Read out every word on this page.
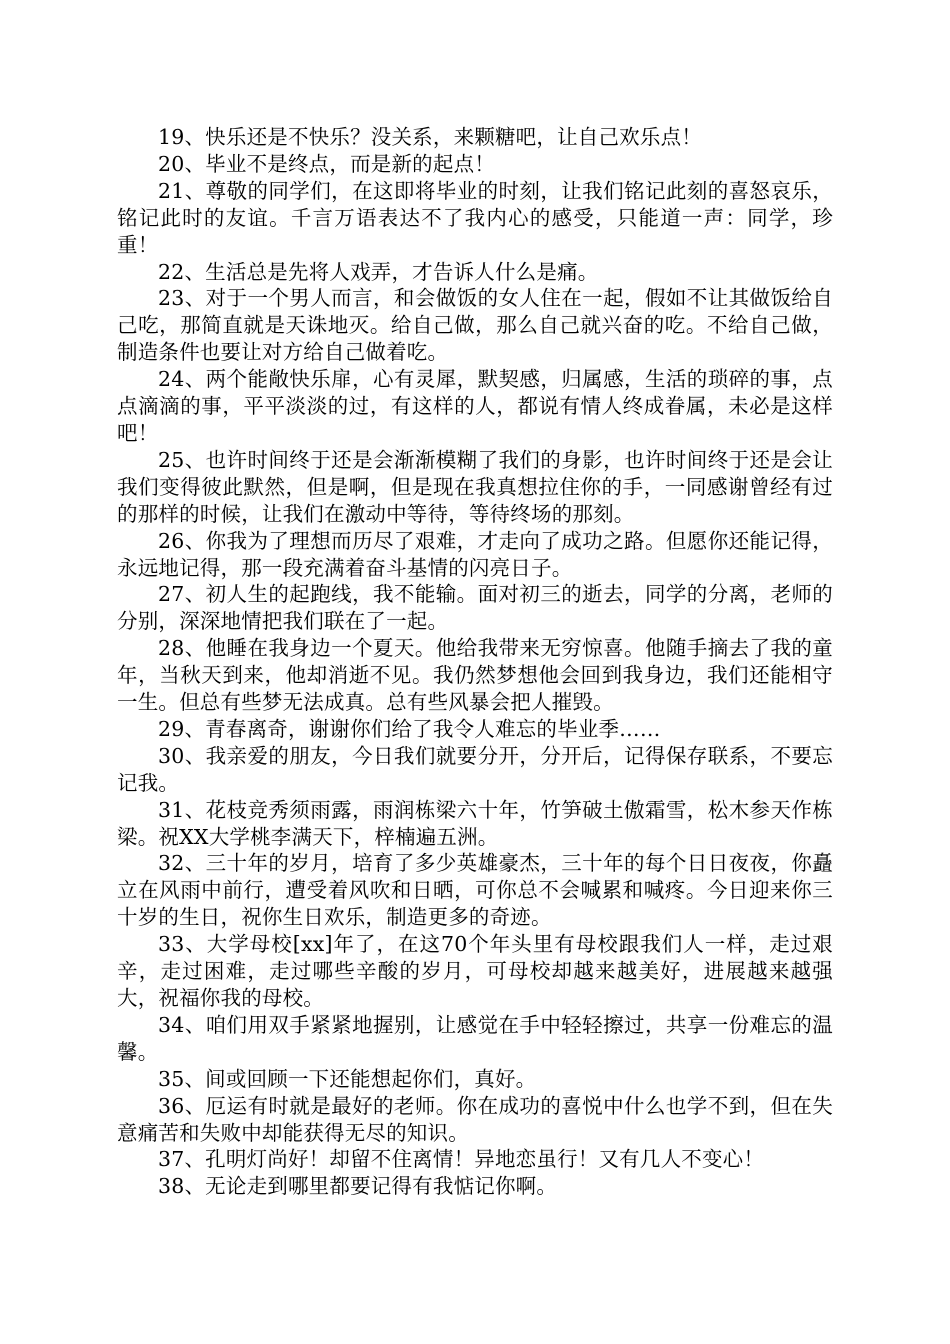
19、快乐还是不快乐？没关系，来颗糖吧，让自己欢乐点！

20、毕业不是终点，而是新的起点！

21、尊敬的同学们，在这即将毕业的时刻，让我们铭记此刻的喜怒哀乐，铭记此时的友谊。千言万语表达不了我内心的感受，只能道一声：同学，珍重！

22、生活总是先将人戏弄，才告诉人什么是痛。

23、对于一个男人而言，和会做饭的女人住在一起，假如不让其做饭给自己吃，那简直就是天诛地灭。给自己做，那么自己就兴奋的吃。不给自己做，制造条件也要让对方给自己做着吃。

24、两个能敞快乐扉，心有灵犀，默契感，归属感，生活的琐碎的事，点点滴滴的事，平平淡淡的过，有这样的人，都说有情人终成眷属，未必是这样吧！

25、也许时间终于还是会渐渐模糊了我们的身影，也许时间终于还是会让我们变得彼此默然，但是啊，但是现在我真想拉住你的手，一同感谢曾经有过的那样的时候，让我们在激动中等待，等待终场的那刻。

26、你我为了理想而历尽了艰难，才走向了成功之路。但愿你还能记得，永远地记得，那一段充满着奋斗基情的闪亮日子。

27、初人生的起跑线，我不能输。面对初三的逝去，同学的分离，老师的分别，深深地情把我们联在了一起。

28、他睡在我身边一个夏天。他给我带来无穷惊喜。他随手摘去了我的童年，当秋天到来，他却消逝不见。我仍然梦想他会回到我身边，我们还能相守一生。但总有些梦无法成真。总有些风暴会把人摧毁。

29、青春离奇，谢谢你们给了我令人难忘的毕业季……

30、我亲爱的朋友，今日我们就要分开，分开后，记得保存联系，不要忘记我。

31、花枝竞秀须雨露，雨润栋梁六十年，竹笋破土傲霜雪，松木参天作栋梁。祝XX大学桃李满天下，梓楠遍五洲。

32、三十年的岁月，培育了多少英雄豪杰，三十年的每个日日夜夜，你矗立在风雨中前行，遭受着风吹和日晒，可你总不会喊累和喊疼。今日迎来你三十岁的生日，祝你生日欢乐，制造更多的奇迹。

33、大学母校[xx]年了，在这70个年头里有母校跟我们人一样，走过艰辛，走过困难，走过哪些辛酸的岁月，可母校却越来越美好，进展越来越强大，祝福你我的母校。

34、咱们用双手紧紧地握别，让感觉在手中轻轻擦过，共享一份难忘的温馨。

35、间或回顾一下还能想起你们，真好。

36、厄运有时就是最好的老师。你在成功的喜悦中什么也学不到，但在失意痛苦和失败中却能获得无尽的知识。

37、孔明灯尚好！却留不住离情！异地恋虽行！又有几人不变心！

38、无论走到哪里都要记得有我惦记你啊。
